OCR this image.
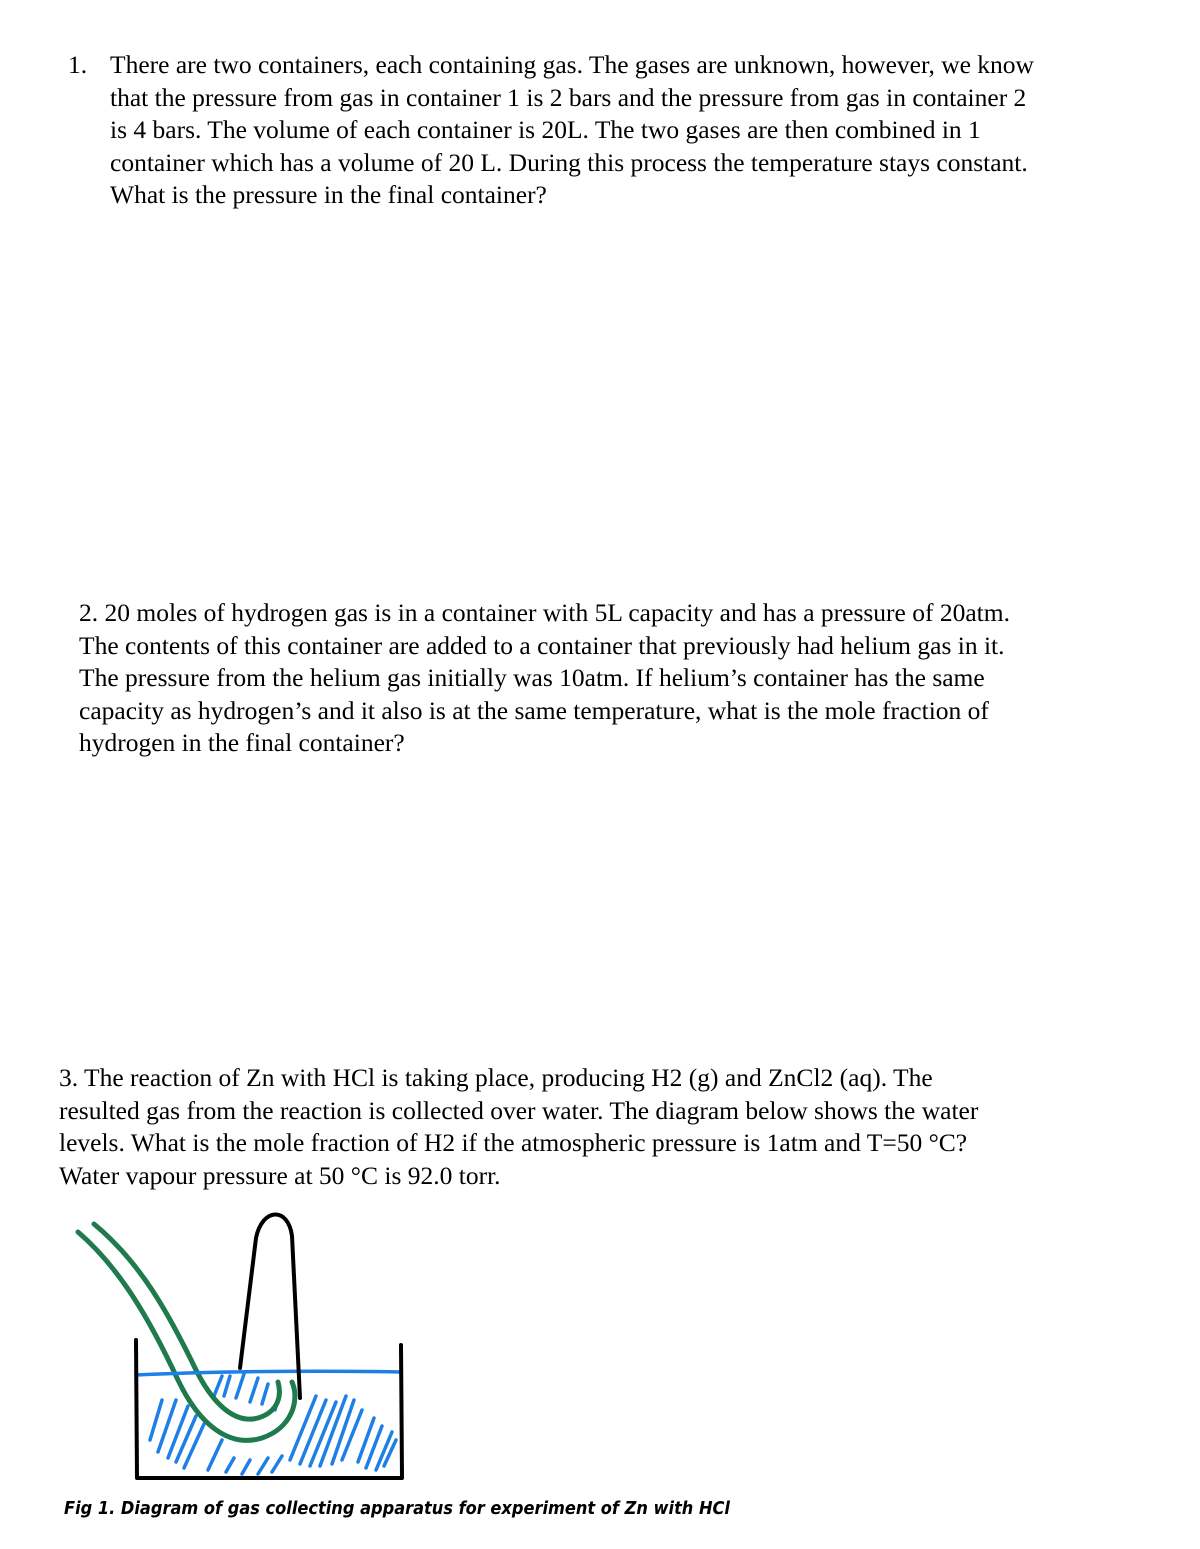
1. There are two containers, each containing gas. The gases are unknown, however, we know
that the pressure from gas in container 1 is 2 bars and the pressure from gas in container 2
is 4 bars. The volume of each container is 20L. The two gases are then combined in 1
container which has a volume of 20 L. During this process the temperature stays constant.
What is the pressure in the final container?
2. 20 moles of hydrogen gas is in a container with 5L capacity and has a pressure of 20atm.
The contents of this container are added to a container that previously had helium gas in it.
The pressure from the helium gas initially was 10atm. If helium’s container has the same
capacity as hydrogen’s and it also is at the same temperature, what is the mole fraction of
hydrogen in the final container?
3. The reaction of Zn with HCl is taking place, producing H2 (g) and ZnCl2 (aq). The
resulted gas from the reaction is collected over water. The diagram below shows the water
levels. What is the mole fraction of H2 if the atmospheric pressure is 1atm and T=50 °C?
Water vapour pressure at 50 °C is 92.0 torr.
Fig 1. Diagram of gas collecting apparatus for experiment of Zn with HCl
